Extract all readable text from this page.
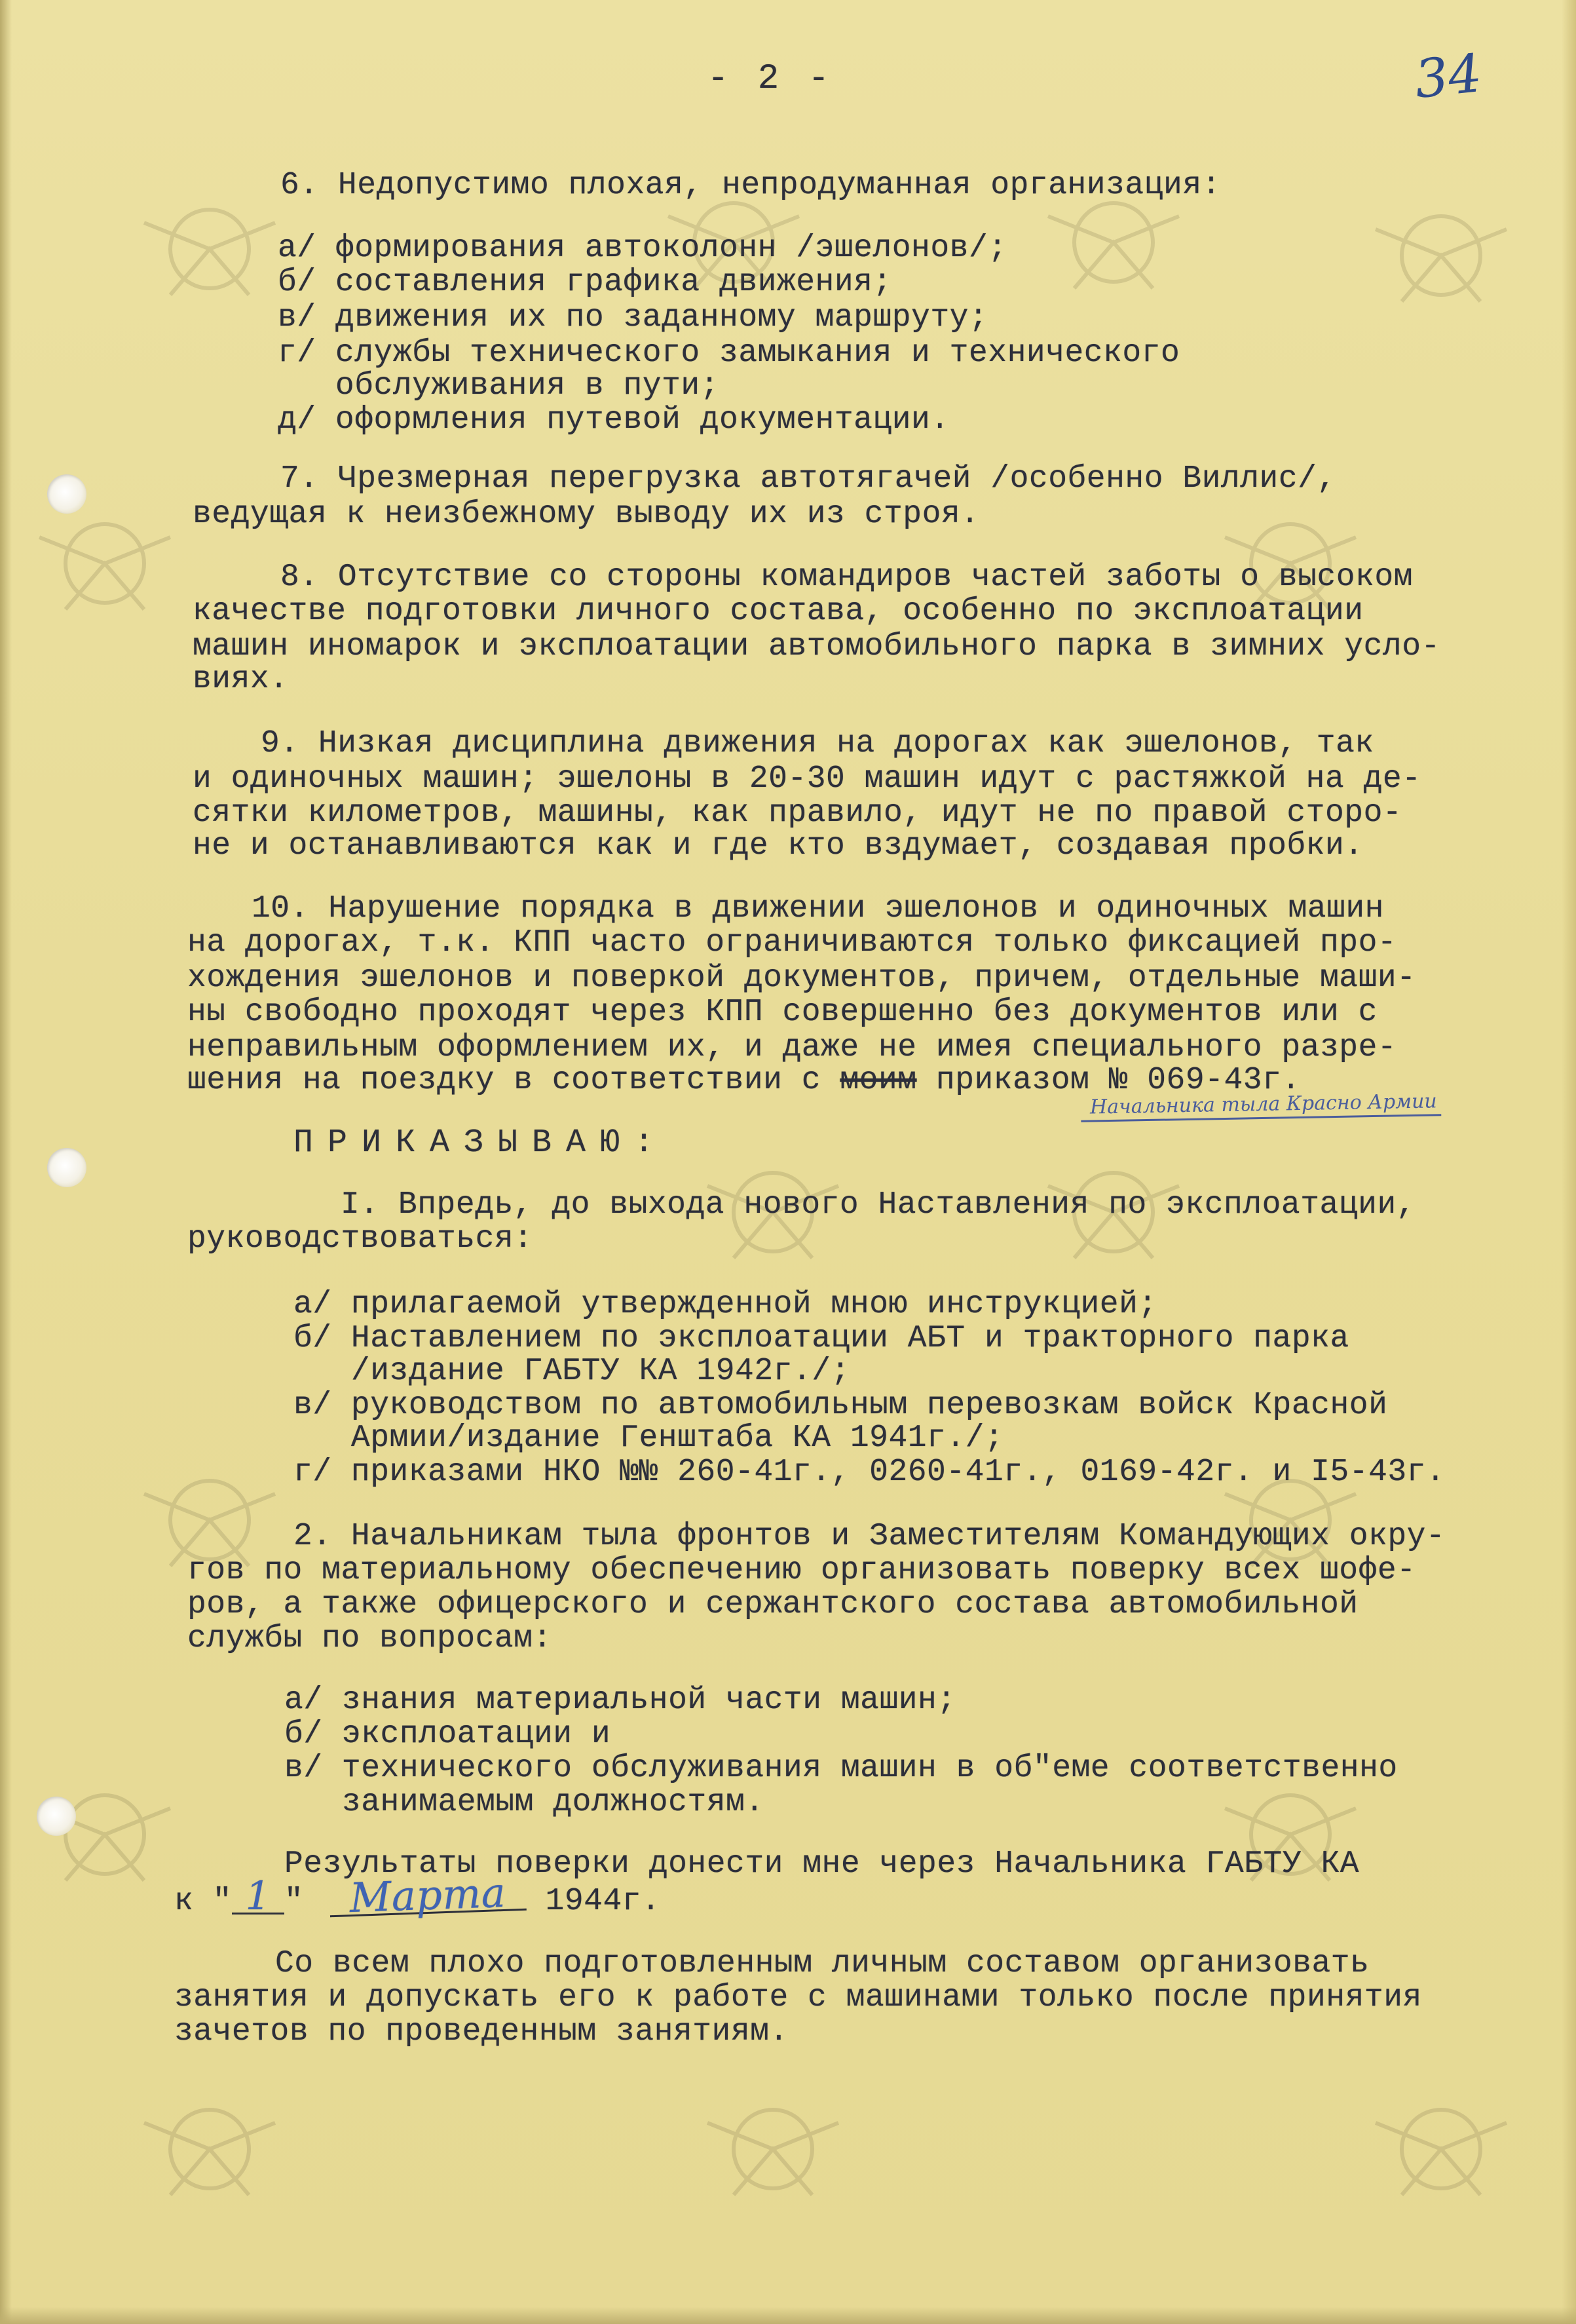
- 2 -	34
6. Недопустимо плохая, непродуманная организация:
а/ формирования автоколонн /эшелонов/;
б/ составления графика движения;
в/ движения их по заданному маршруту;
г/ службы технического замыкания и технического
обслуживания в пути;
д/ оформления путевой документации.
7. Чрезмерная перегрузка автотягачей /особенно Виллис/,
ведущая к неизбежному выводу их из строя.
8. Отсутствие со стороны командиров частей заботы о высоком
качестве подготовки личного состава, особенно по эксплоатации
машин иномарок и эксплоатации автомобильного парка в зимних усло-
виях.
9. Низкая дисциплина движения на дорогах как эшелонов, так
и одиночных машин; эшелоны в 20-30 машин идут с растяжкой на де-
сятки километров, машины, как правило, идут не по правой сторо-
не и останавливаются как и где кто вздумает, создавая пробки.
10. Нарушение порядка в движении эшелонов и одиночных машин
на дорогах, т.к. КПП часто ограничиваются только фиксацией про-
хождения эшелонов и поверкой документов, причем, отдельные маши-
ны свободно проходят через КПП совершенно без документов или с
неправильным оформлением их, и даже не имея специального разре-
шения на поездку в соответствии с моим приказом № 069-43г.
Начальника тыла Красно Армии
ПРИКАЗЫВАЮ:
I. Впредь, до выхода нового Наставления по эксплоатации,
руководствоваться:
а/ прилагаемой утвержденной мною инструкцией;
б/ Наставлением по эксплоатации АБТ и тракторного парка
/издание ГАБТУ КА 1942г./;
в/ руководством по автомобильным перевозкам войск Красной
Армии/издание Генштаба КА 1941г./;
г/ приказами НКО №№ 260-41г., 0260-41г., 0169-42г. и I5-43г.
2. Начальникам тыла фронтов и Заместителям Командующих окру-
гов по материальному обеспечению организовать поверку всех шофе-
ров, а также офицерского и сержантского состава автомобильной
службы по вопросам:
а/ знания материальной части машин;
б/ эксплоатации и
в/ технического обслуживания машин в об"еме соответственно
занимаемым должностям.
Результаты поверки донести мне через Начальника ГАБТУ КА
к " 1 " Марта 1944г.
Со всем плохо подготовленным личным составом организовать
занятия и допускать его к работе с машинами только после принятия
зачетов по проведенным занятиям.
